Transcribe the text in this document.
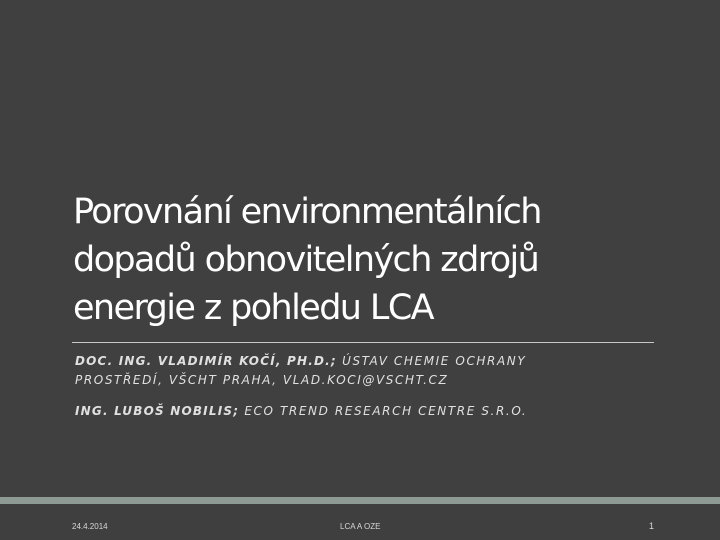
Porovnání environmentálních
dopadů obnovitelných zdrojů
energie z pohledu LCA
DOC. ING. VLADIMÍR KOČÍ, PH.D.; ÚSTAV CHEMIE OCHRANY
PROSTŘEDÍ, VŠCHT PRAHA, VLAD.KOCI@VSCHT.CZ
ING. LUBOŠ NOBILIS; ECO TREND RESEARCH CENTRE S.R.O.
24.4.2014	LCA A OZE	1
